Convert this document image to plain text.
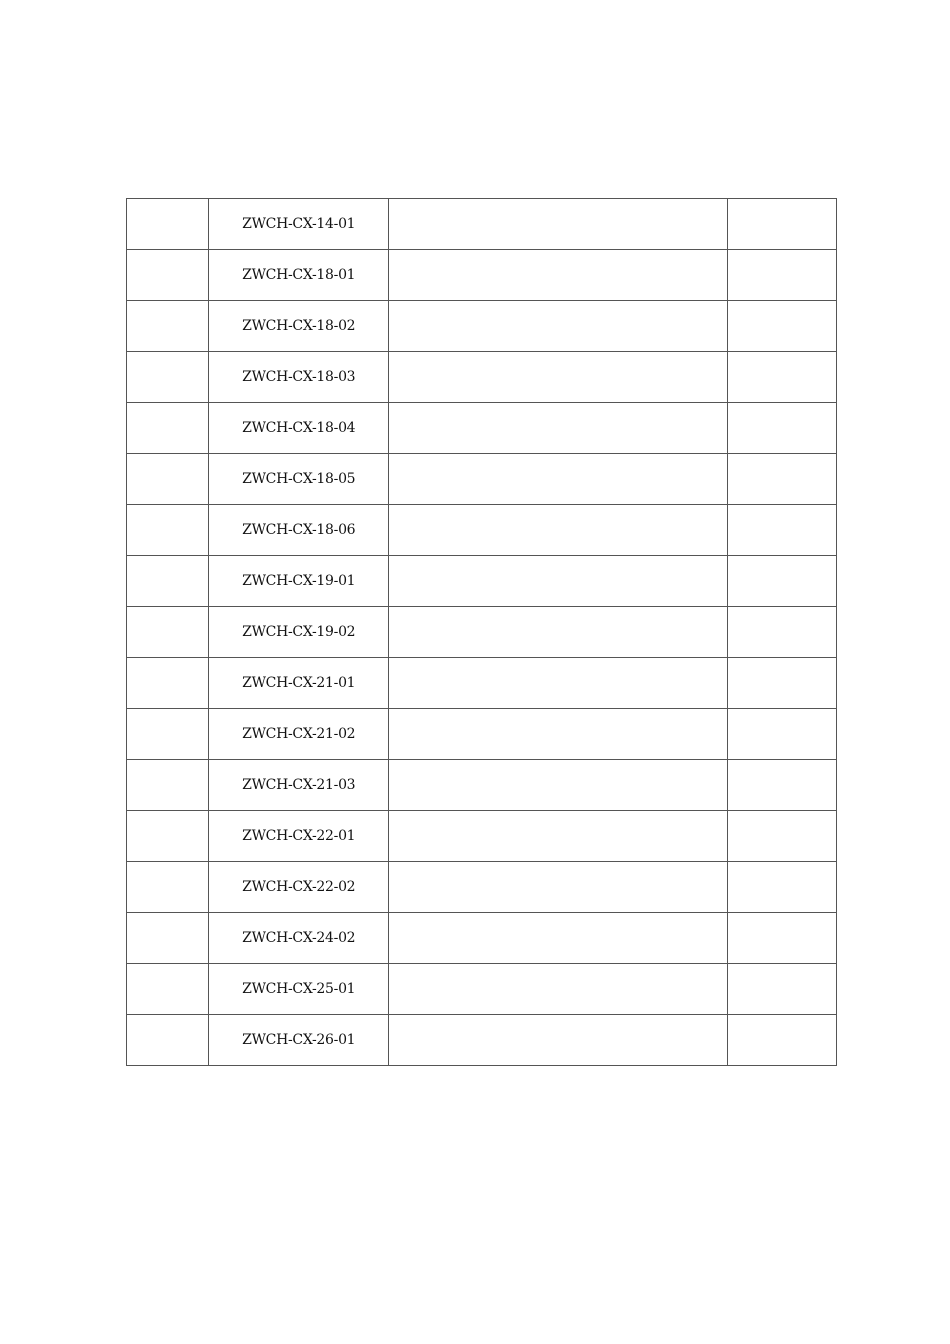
	ZWCH-CX-14-01		
	ZWCH-CX-18-01		
	ZWCH-CX-18-02		
	ZWCH-CX-18-03		
	ZWCH-CX-18-04		
	ZWCH-CX-18-05		
	ZWCH-CX-18-06		
	ZWCH-CX-19-01		
	ZWCH-CX-19-02		
	ZWCH-CX-21-01		
	ZWCH-CX-21-02		
	ZWCH-CX-21-03		
	ZWCH-CX-22-01		
	ZWCH-CX-22-02		
	ZWCH-CX-24-02		
	ZWCH-CX-25-01		
	ZWCH-CX-26-01		
